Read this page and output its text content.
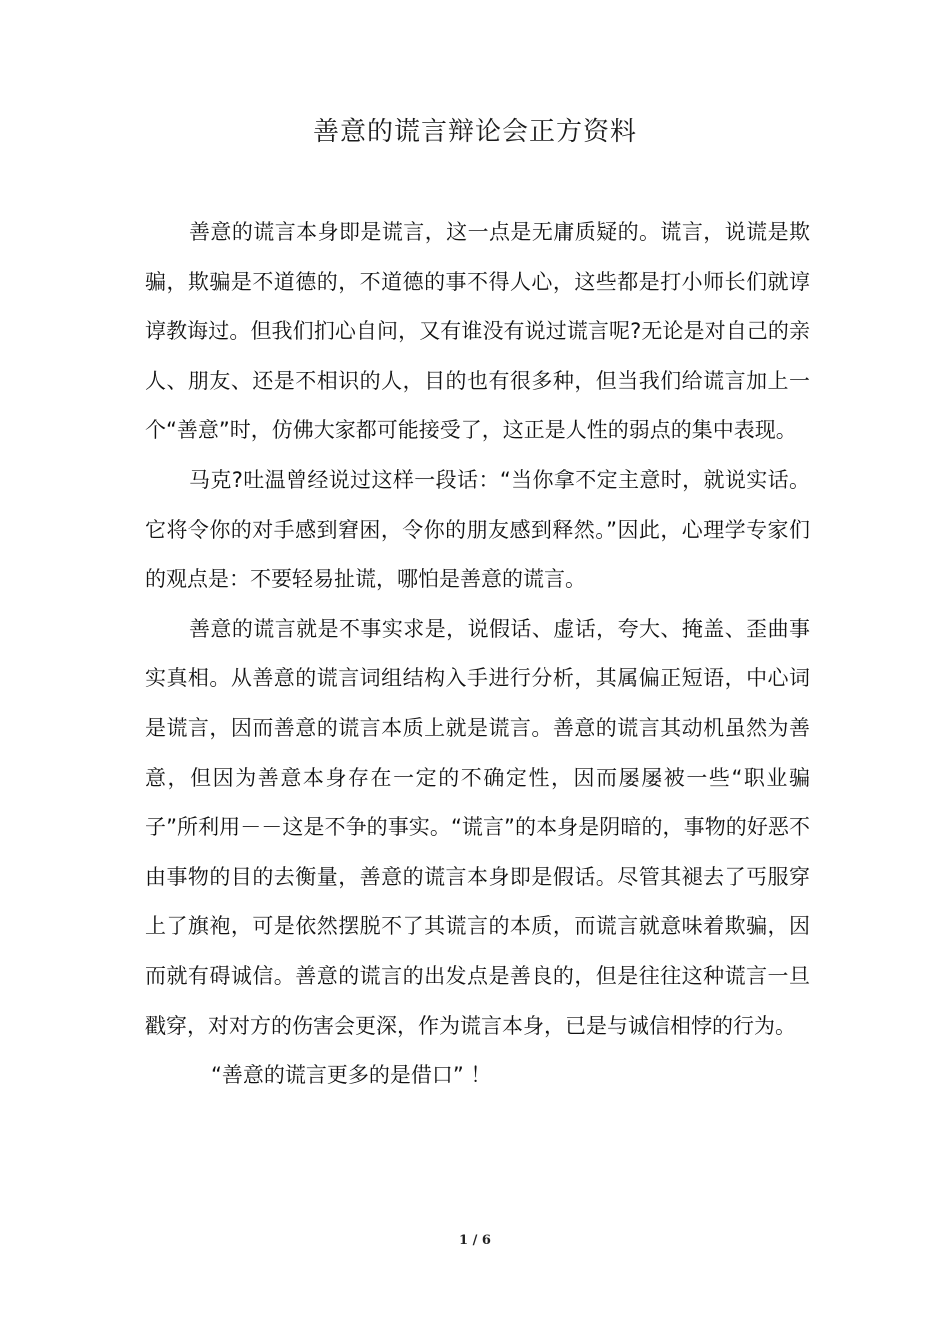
善意的谎言辩论会正方资料

善意的谎言本身即是谎言，这一点是无庸质疑的。谎言，说谎是欺骗，欺骗是不道德的，不道德的事不得人心，这些都是打小师长们就谆谆教诲过。但我们扪心自问，又有谁没有说过谎言呢?无论是对自己的亲人、朋友、还是不相识的人，目的也有很多种，但当我们给谎言加上一个“善意”时，仿佛大家都可能接受了，这正是人性的弱点的集中表现。

马克?吐温曾经说过这样一段话：“当你拿不定主意时，就说实话。它将令你的对手感到窘困，令你的朋友感到释然。”因此，心理学专家们的观点是：不要轻易扯谎，哪怕是善意的谎言。

善意的谎言就是不事实求是，说假话、虚话，夸大、掩盖、歪曲事实真相。从善意的谎言词组结构入手进行分析，其属偏正短语，中心词是谎言，因而善意的谎言本质上就是谎言。善意的谎言其动机虽然为善意，但因为善意本身存在一定的不确定性，因而屡屡被一些“职业骗子”所利用－－这是不争的事实。“谎言”的本身是阴暗的，事物的好恶不由事物的目的去衡量，善意的谎言本身即是假话。尽管其褪去了丐服穿上了旗袍，可是依然摆脱不了其谎言的本质，而谎言就意味着欺骗，因而就有碍诚信。善意的谎言的出发点是善良的，但是往往这种谎言一旦戳穿，对对方的伤害会更深，作为谎言本身，已是与诚信相悖的行为。

“善意的谎言更多的是借口” ！

1 / 6
